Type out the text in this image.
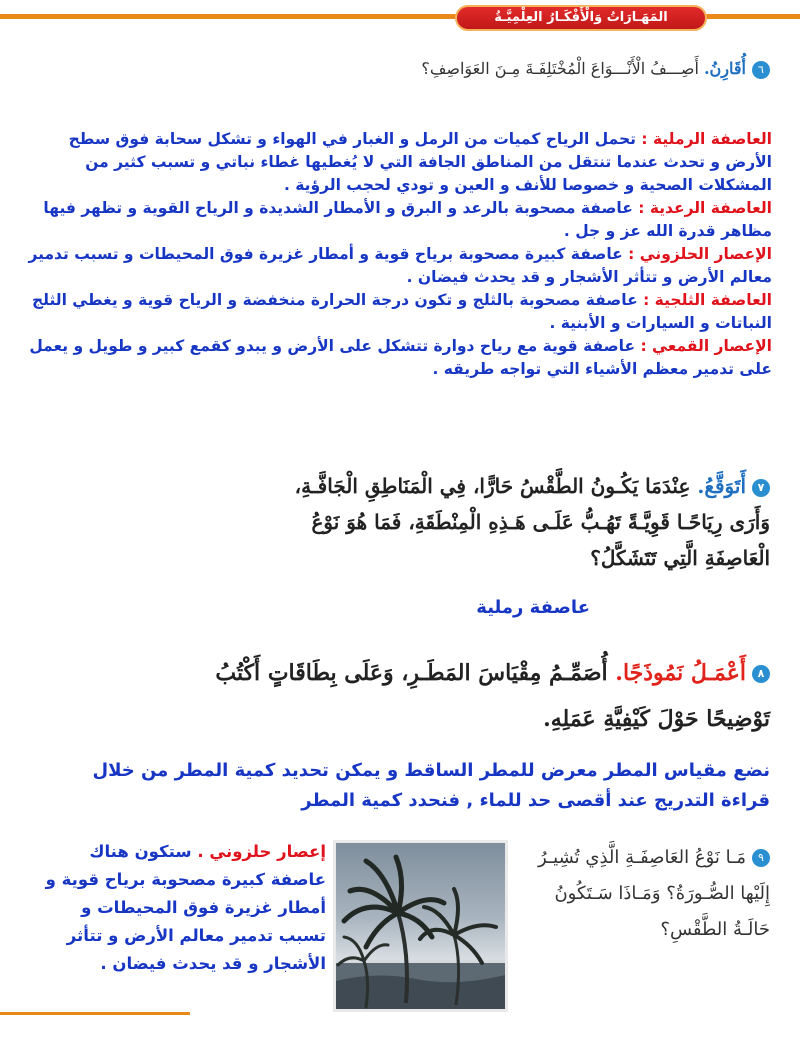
المَهَـارَاتُ وَالْأَفْكَـارُ العِلْمِيَّـةُ
٦أُقَارِنُ. أَصِـــفُ الْأَنْـــوَاعَ الْمُخْتَلِفَـةَ مِـنَ العَوَاصِفِ؟

العاصفة الرملية : تحمل الرياح كميات من الرمل و الغبار في الهواء و تشكل سحابة فوق سطح الأرض و تحدث عندما تنتقل من المناطق الجافة التي لا يُغطيها غطاء نباتي و تسبب كثير من المشكلات الصحية و خصوصا للأنف و العين و تودي لحجب الرؤية .

العاصفة الرعدية : عاصفة مصحوبة بالرعد و البرق و الأمطار الشديدة و الرياح القوية و تظهر فيها مظاهر قدرة الله عز و جل .

الإعصار الحلزوني : عاصفة كبيرة مصحوبة برياح قوية و أمطار غزيرة فوق المحيطات و تسبب تدمير معالم الأرض و تتأثر الأشجار و قد يحدث فيضان .

العاصفة الثلجية : عاصفة مصحوبة بالثلج و تكون درجة الحرارة منخفضة و الرياح قوية و يغطي الثلج النباتات و السيارات و الأبنية .

الإعصار القمعي : عاصفة قوية مع رياح دوارة تتشكل على الأرض و يبدو كقمع كبير و طويل و يعمل على تدمير معظم الأشياء التي تواجه طريقه .

٧أَتَوَقَّعُ. عِنْدَمَا يَكُـونُ الطَّقْسُ حَارًّا، فِي الْمَنَاطِقِ الْجَافَّـةِ، وَأَرَى رِيَاحًـا قَوِيَّـةً تَهُـبُّ عَلَـى هَـذِهِ الْمِنْطَقَةِ، فَمَا هُوَ نَوْعُ الْعَاصِفَةِ الَّتِي تَتَشَكَّلُ؟
عاصفة رملية
٨أَعْمَـلُ نَمُوذَجًا. أُصَمِّـمُ مِقْيَاسَ المَطَـرِ، وَعَلَى بِطَاقَاتٍ أَكْتُبُ تَوْضِيحًا حَوْلَ كَيْفِيَّةِ عَمَلِهِ.

نضع مقياس المطر معرض للمطر الساقط و يمكن تحديد كمية المطر من خلال قراءة التدريج عند أقصى حد للماء , فنحدد كمية المطر

٩مَـا نَوْعُ العَاصِفَـةِ الَّذِي تُشِيـرُ إِلَيْها الصُّـورَةُ؟ وَمَـاذَا سَـتَكُونُ حَالَـةُ الطَّقْسِ؟

إعصار حلزوني . ستكون هناك عاصفة كبيرة مصحوبة برياح قوية و أمطار غزيرة فوق المحيطات و تسبب تدمير معالم الأرض و تتأثر الأشجار و قد يحدث فيضان .
